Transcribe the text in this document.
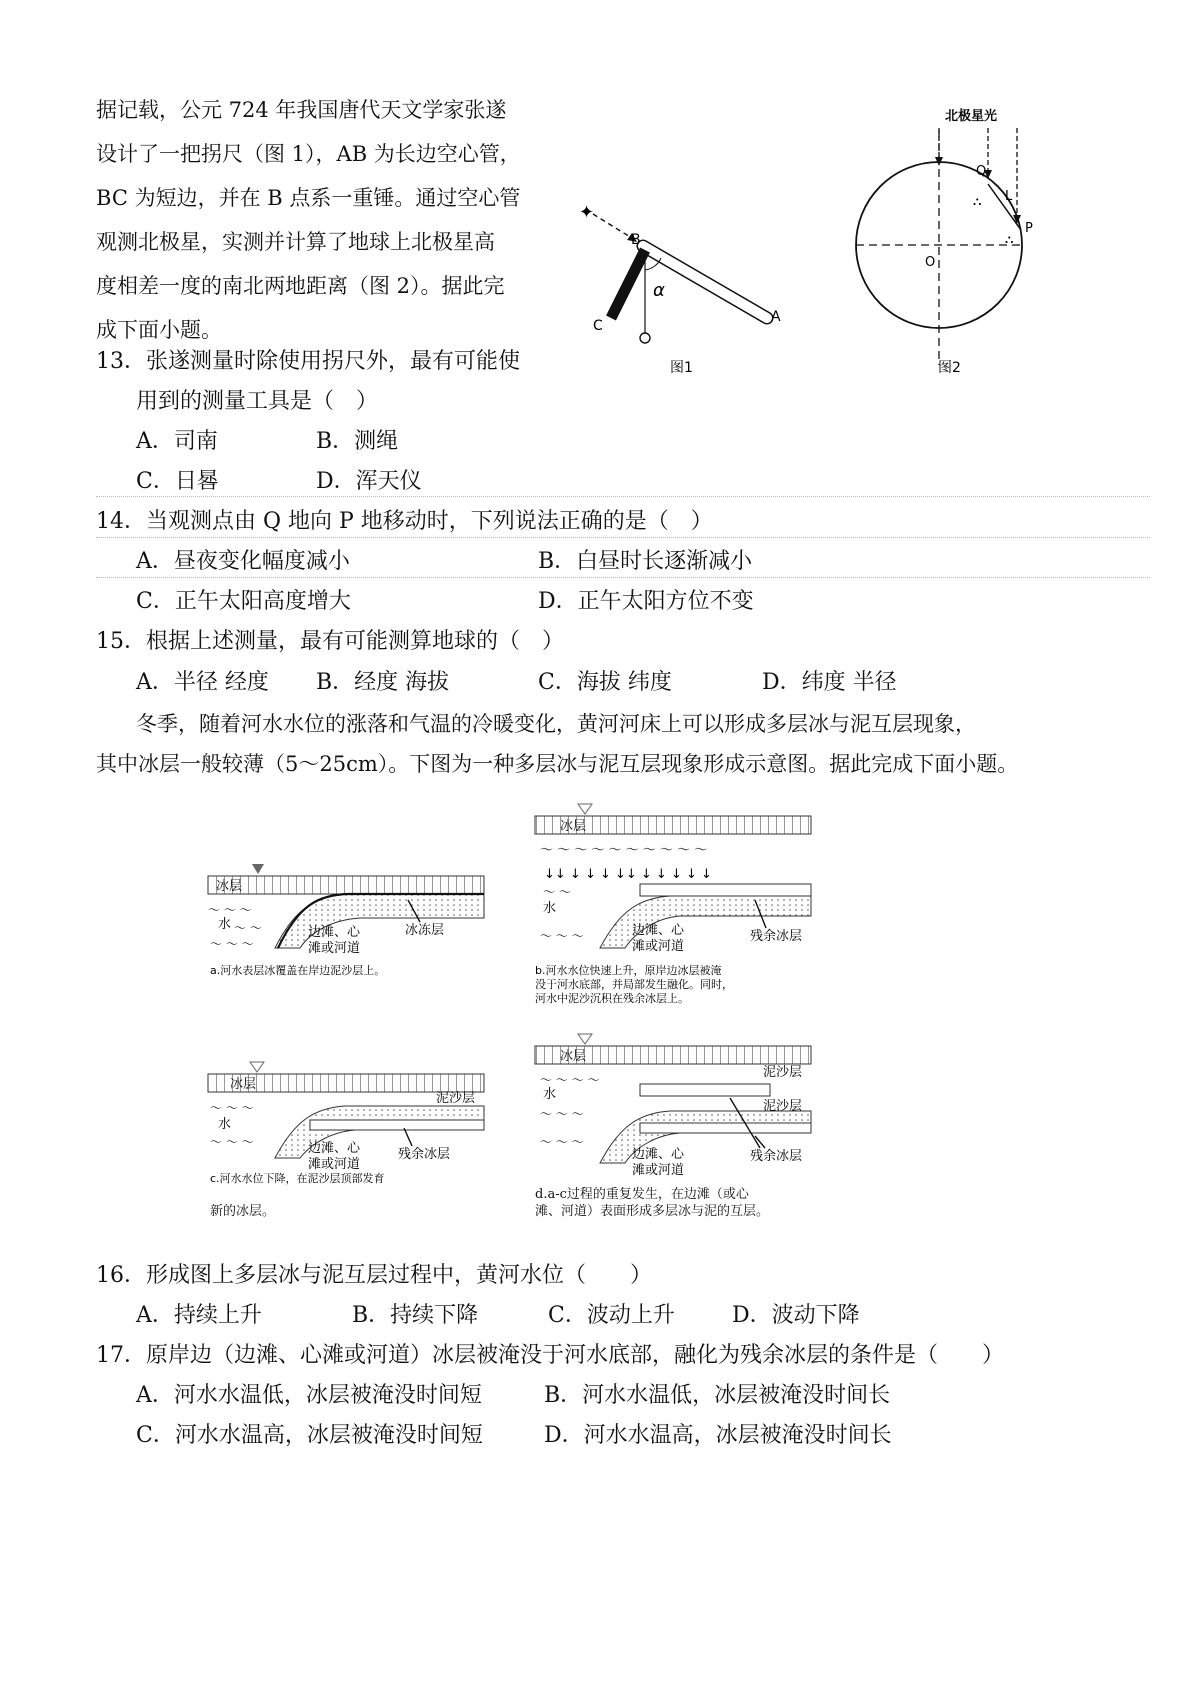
据记载，公元 724 年我国唐代天文学家张遂

设计了一把拐尺（图 1），AB 为长边空心管，

BC 为短边，并在 B 点系一重锤。通过空心管

观测北极星，实测并计算了地球上北极星高

度相差一度的南北两地距离（图 2）。据此完

成下面小题。

✦
B
C
A
α
图1
北极星光
Q
L
P
O
⛬
⛬
图2
13．张遂测量时除使用拐尺外，最有可能使
用到的测量工具是（　）
A．司南	B．测绳
C．日晷	D．浑天仪
14．当观测点由 Q 地向 P 地移动时，下列说法正确的是（　）
A．昼夜变化幅度减小	B．白昼时长逐渐减小
C．正午太阳高度增大	D．正午太阳方位不变
15．根据上述测量，最有可能测算地球的（　）
A．半径 经度 B．经度 海拔	C．海拔 纬度	D．纬度 半径
冬季，随着河水水位的涨落和气温的冷暖变化，黄河河床上可以形成多层冰与泥互层现象，
其中冰层一般较薄（5～25cm）。下图为一种多层冰与泥互层现象形成示意图。据此完成下面小题。
冰层
水
～ ～ ～
～ ～
～ ～ ～
边滩、心
滩或河道
冰冻层
a.河水表层冰覆盖在岸边泥沙层上。
冰层
～ ～ ～ ～ ～ ～ ～ ～ ～ ～
↓↓ ↓ ↓ ↓ ↓↓ ↓ ↓ ↓ ↓ ↓
水
～ ～
～ ～ ～	边滩、心
滩或河道
残余冰层
b.河水水位快速上升，原岸边冰层被淹
没于河水底部，并局部发生融化。同时，
河水中泥沙沉积在残余冰层上。
冰层
泥沙层
水
～ ～ ～
～ ～ ～	边滩、心
滩或河道
残余冰层
c.河水水位下降，在泥沙层顶部发育
冰层
泥沙层
泥沙层
水
～ ～ ～ ～
～ ～ ～
～ ～ ～
边滩、心
滩或河道
残余冰层
新的冰层。
d.a-c过程的重复发生，在边滩（或心
滩、河道）表面形成多层冰与泥的互层。
16．形成图上多层冰与泥互层过程中，黄河水位（　　）
A．持续上升	B．持续下降	C．波动上升	D．波动下降
17．原岸边（边滩、心滩或河道）冰层被淹没于河水底部，融化为残余冰层的条件是（　　）
A．河水水温低，冰层被淹没时间短	B．河水水温低，冰层被淹没时间长
C．河水水温高，冰层被淹没时间短	D．河水水温高，冰层被淹没时间长
